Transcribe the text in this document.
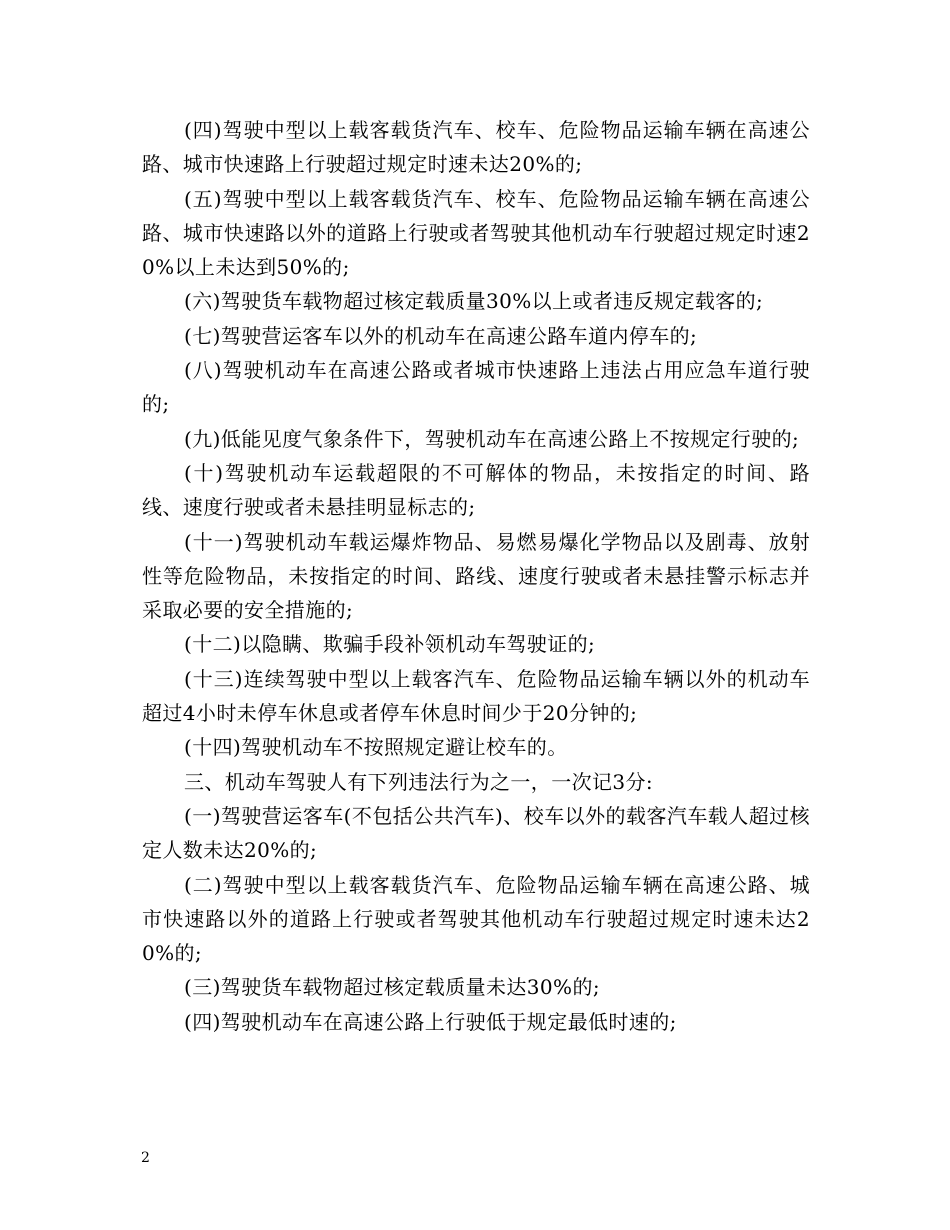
(四)驾驶中型以上载客载货汽车、校车、危险物品运输车辆在高速公路、城市快速路上行驶超过规定时速未达20%的;

(五)驾驶中型以上载客载货汽车、校车、危险物品运输车辆在高速公路、城市快速路以外的道路上行驶或者驾驶其他机动车行驶超过规定时速20%以上未达到50%的;

(六)驾驶货车载物超过核定载质量30%以上或者违反规定载客的;

(七)驾驶营运客车以外的机动车在高速公路车道内停车的;

(八)驾驶机动车在高速公路或者城市快速路上违法占用应急车道行驶的;

(九)低能见度气象条件下，驾驶机动车在高速公路上不按规定行驶的;

(十)驾驶机动车运载超限的不可解体的物品，未按指定的时间、路线、速度行驶或者未悬挂明显标志的;

(十一)驾驶机动车载运爆炸物品、易燃易爆化学物品以及剧毒、放射性等危险物品，未按指定的时间、路线、速度行驶或者未悬挂警示标志并采取必要的安全措施的;

(十二)以隐瞒、欺骗手段补领机动车驾驶证的;

(十三)连续驾驶中型以上载客汽车、危险物品运输车辆以外的机动车超过4小时未停车休息或者停车休息时间少于20分钟的;

(十四)驾驶机动车不按照规定避让校车的。

三、机动车驾驶人有下列违法行为之一，一次记3分:

(一)驾驶营运客车(不包括公共汽车)、校车以外的载客汽车载人超过核定人数未达20%的;

(二)驾驶中型以上载客载货汽车、危险物品运输车辆在高速公路、城市快速路以外的道路上行驶或者驾驶其他机动车行驶超过规定时速未达20%的;

(三)驾驶货车载物超过核定载质量未达30%的;

(四)驾驶机动车在高速公路上行驶低于规定最低时速的;

2
